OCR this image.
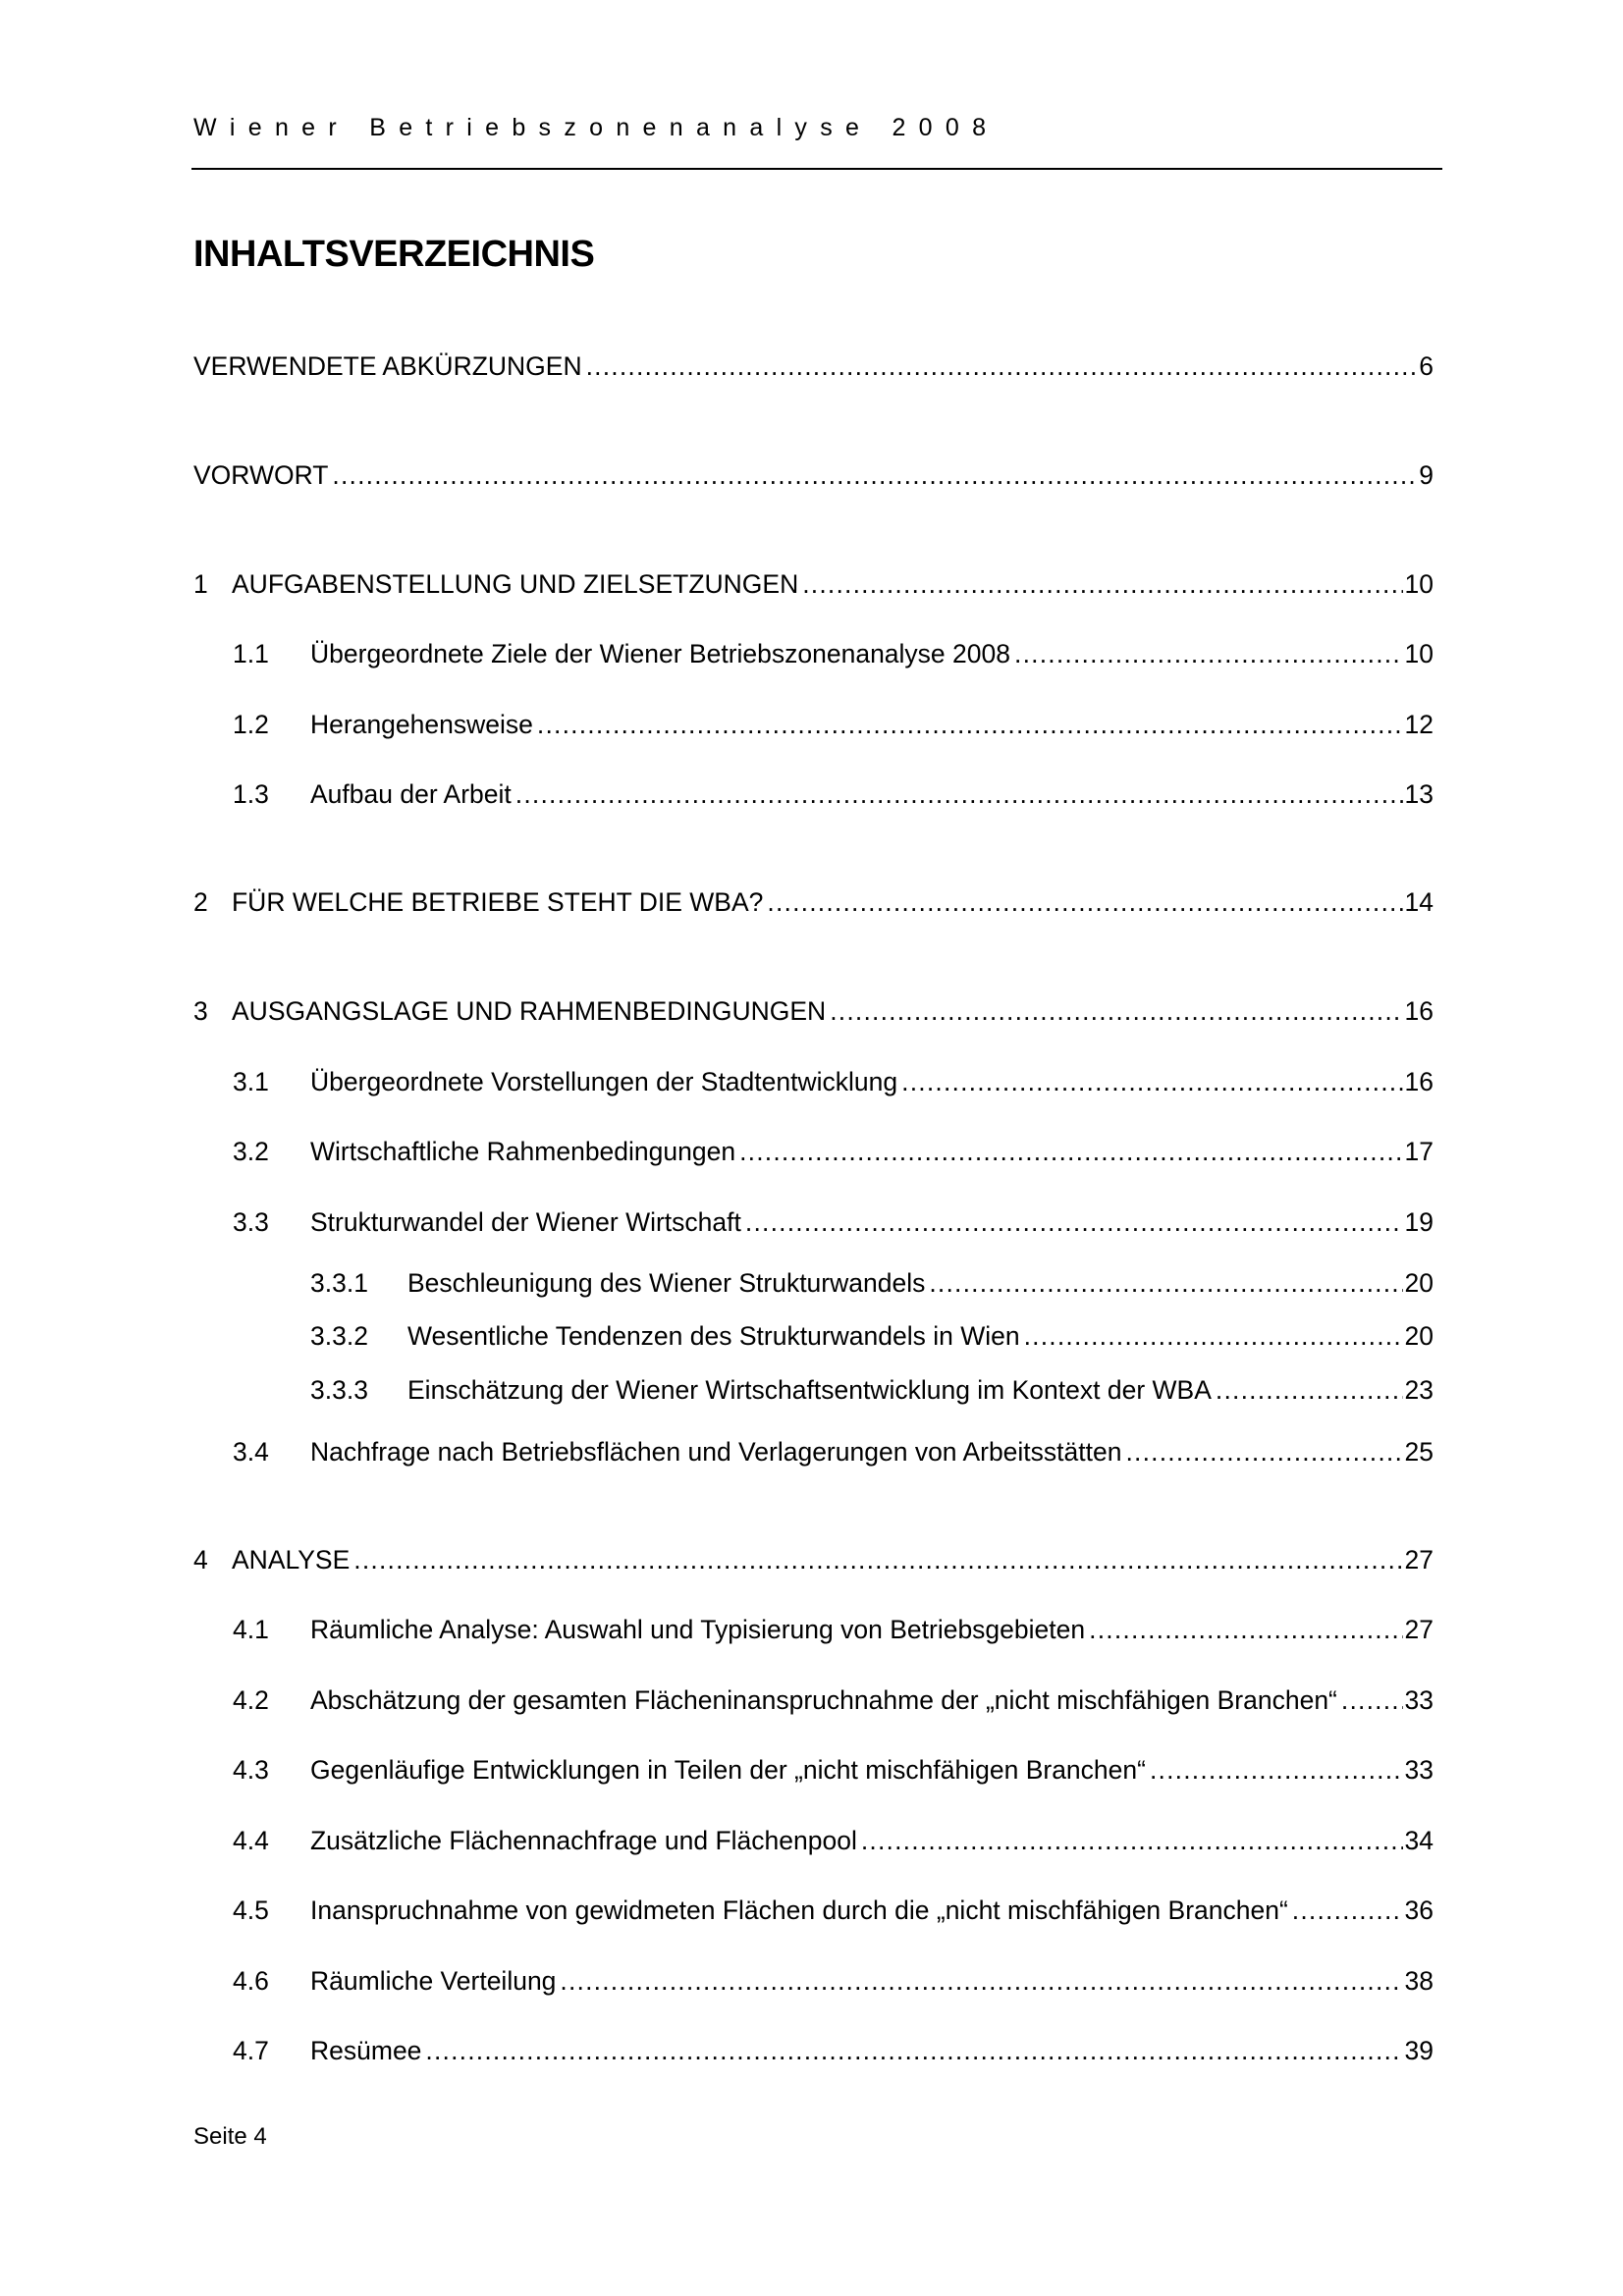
Wiener Betriebszonenanalyse 2008
INHALTSVERZEICHNIS
VERWENDETE ABKÜRZUNGEN .....	6
VORWORT .....	9
1 AUFGABENSTELLUNG UND ZIELSETZUNGEN .....	10
1.1	Übergeordnete Ziele der Wiener Betriebszonenanalyse 2008 .....	10
1.2	Herangehensweise .....	12
1.3	Aufbau der Arbeit .....	13
2 FÜR WELCHE BETRIEBE STEHT DIE WBA? .....	14
3 AUSGANGSLAGE UND RAHMENBEDINGUNGEN .....	16
3.1	Übergeordnete Vorstellungen der Stadtentwicklung .....	16
3.2	Wirtschaftliche Rahmenbedingungen .....	17
3.3	Strukturwandel der Wiener Wirtschaft .....	19
3.3.1	Beschleunigung des Wiener Strukturwandels .....	20
3.3.2	Wesentliche Tendenzen des Strukturwandels in Wien .....	20
3.3.3	Einschätzung der Wiener Wirtschaftsentwicklung im Kontext der WBA .....	23
3.4	Nachfrage nach Betriebsflächen und Verlagerungen von Arbeitsstätten .....	25
4 ANALYSE .....	27
4.1	Räumliche Analyse: Auswahl und Typisierung von Betriebsgebieten .....	27
4.2	Abschätzung der gesamten Flächeninanspruchnahme der „nicht mischfähigen Branchen“ .....	33
4.3	Gegenläufige Entwicklungen in Teilen der „nicht mischfähigen Branchen“ .....	33
4.4	Zusätzliche Flächennachfrage und Flächenpool .....	34
4.5	Inanspruchnahme von gewidmeten Flächen durch die „nicht mischfähigen Branchen“ .....	36
4.6	Räumliche Verteilung .....	38
4.7	Resümee .....	39
Seite 4
